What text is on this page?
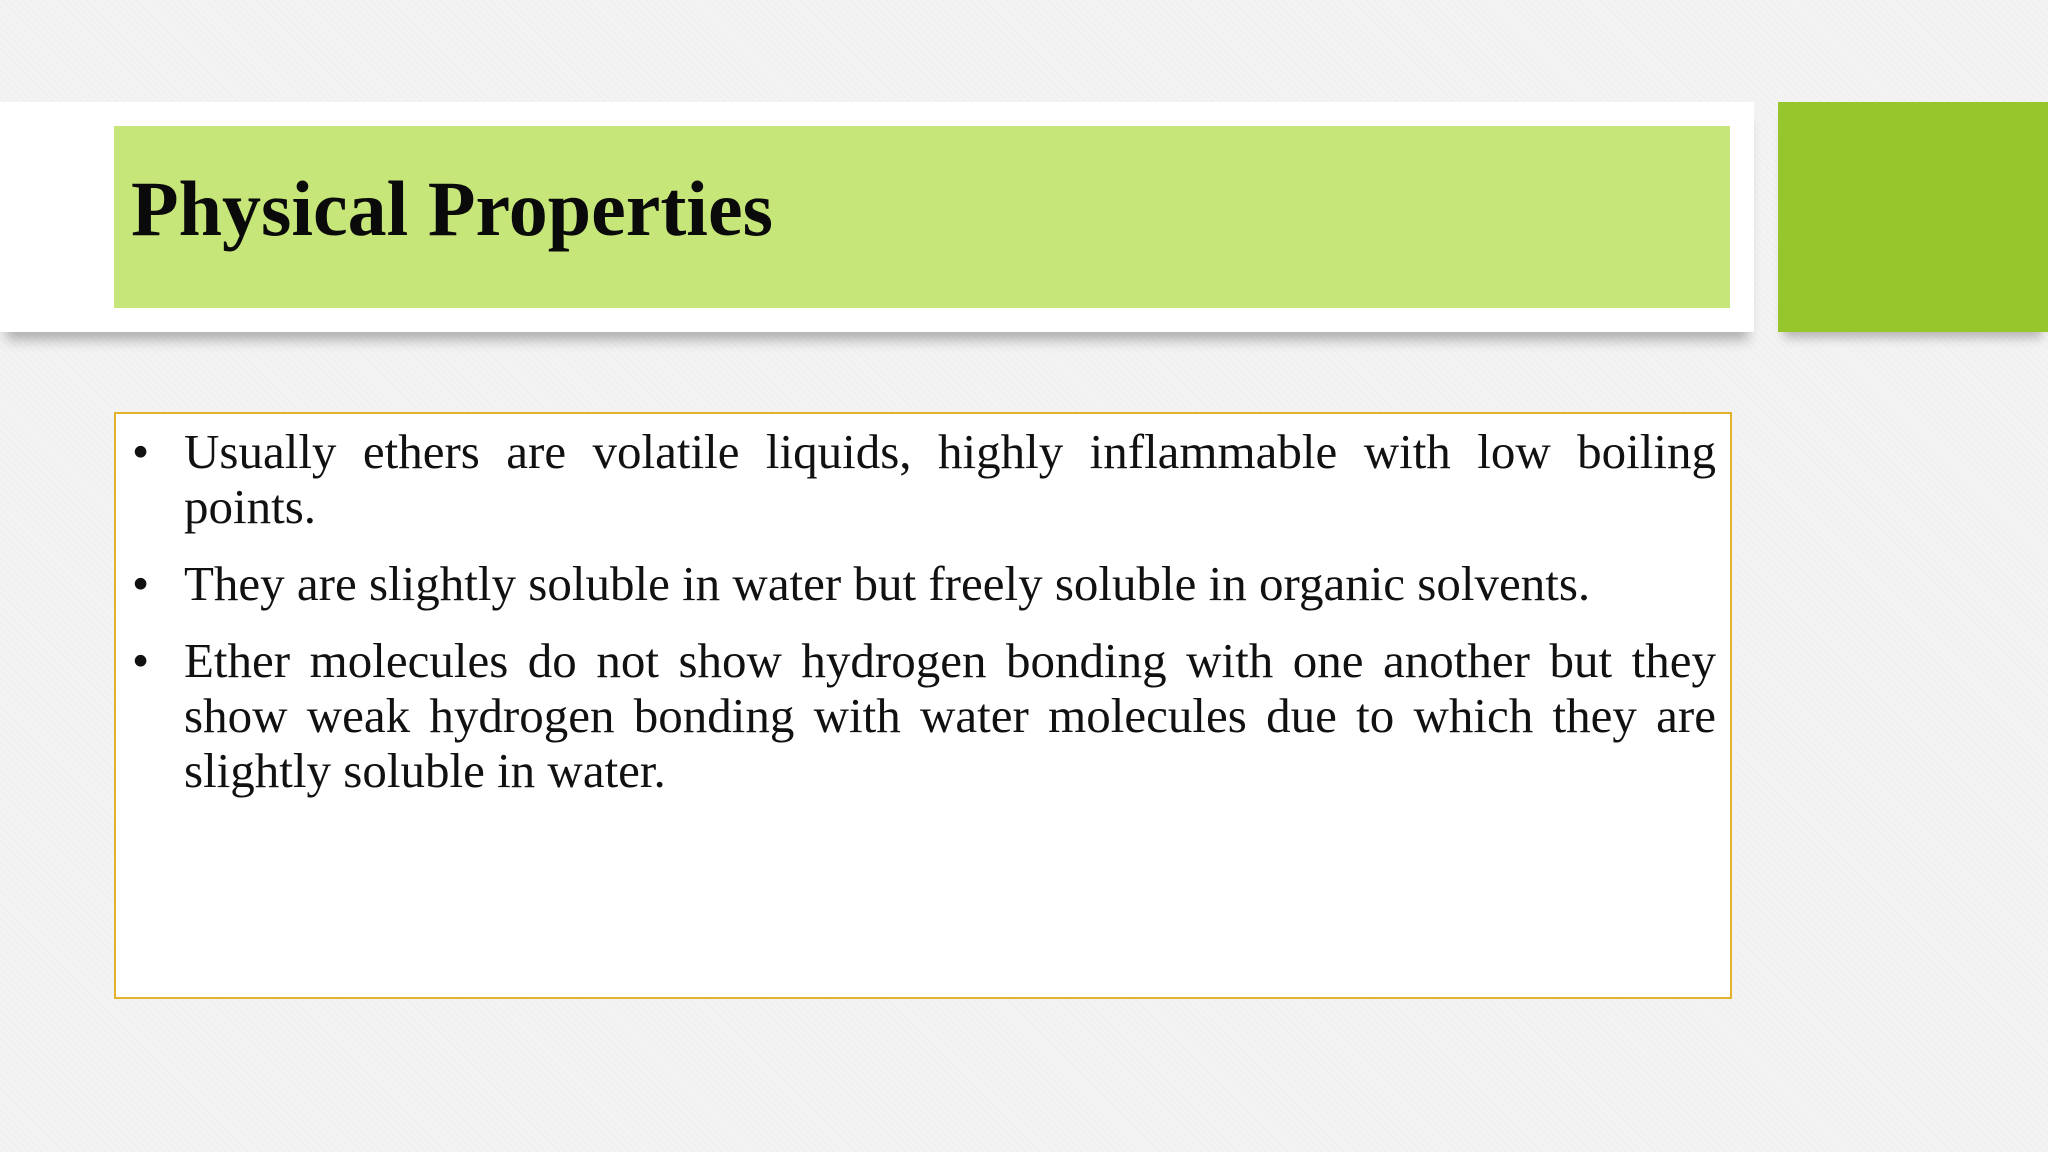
Physical Properties
• Usually ethers are volatile liquids, highly inflammable with low boiling points.
• They are slightly soluble in water but freely soluble in organic solvents.
• Ether molecules do not show hydrogen bonding with one another but they show weak hydrogen bonding with water molecules due to which they are slightly soluble in water.
